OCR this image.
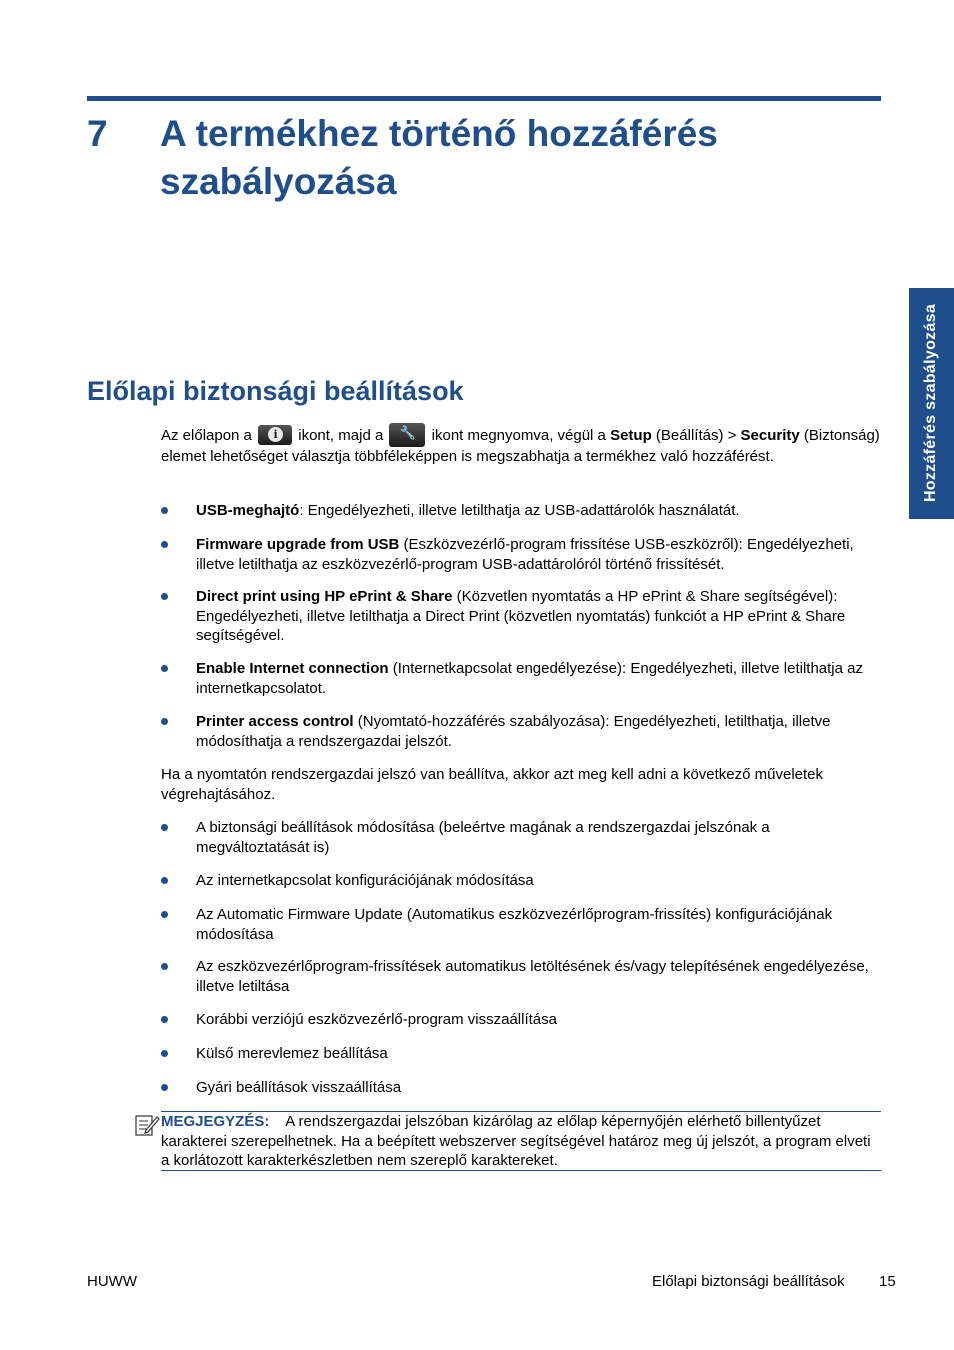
7 A termékhez történő hozzáférés
szabályozása
Hozzáférés szabályozása
Előlapi biztonsági beállítások
Az előlapon a i	ikont, majd a 🔧	ikont megnyomva, végül a Setup (Beállítás) > Security (Biztonság) elemet lehetőséget választja többféleképpen is megszabhatja a termékhez való hozzáférést.
USB-meghajtó: Engedélyezheti, illetve letilthatja az USB-adattárolók használatát.
Firmware upgrade from USB (Eszközvezérlő-program frissítése USB-eszközről): Engedélyezheti, illetve letilthatja az eszközvezérlő-program USB-adattárolóról történő frissítését.
Direct print using HP ePrint & Share (Közvetlen nyomtatás a HP ePrint & Share segítségével): Engedélyezheti, illetve letilthatja a Direct Print (közvetlen nyomtatás) funkciót a HP ePrint & Share segítségével.
Enable Internet connection (Internetkapcsolat engedélyezése): Engedélyezheti, illetve letilthatja az internetkapcsolatot.
Printer access control (Nyomtató-hozzáférés szabályozása): Engedélyezheti, letilthatja, illetve módosíthatja a rendszergazdai jelszót.
Ha a nyomtatón rendszergazdai jelszó van beállítva, akkor azt meg kell adni a következő műveletek végrehajtásához.
A biztonsági beállítások módosítása (beleértve magának a rendszergazdai jelszónak a megváltoztatását is)
Az internetkapcsolat konfigurációjának módosítása
Az Automatic Firmware Update (Automatikus eszközvezérlőprogram-frissítés) konfigurációjának módosítása
Az eszközvezérlőprogram-frissítések automatikus letöltésének és/vagy telepítésének engedélyezése, illetve letiltása
Korábbi verziójú eszközvezérlő-program visszaállítása
Külső merevlemez beállítása
Gyári beállítások visszaállítása
MEGJEGYZÉS: A rendszergazdai jelszóban kizárólag az előlap képernyőjén elérhető billentyűzet karakterei szerepelhetnek. Ha a beépített webszerver segítségével határoz meg új jelszót, a program elveti a korlátozott karakterkészletben nem szereplő karaktereket.
HUWW	Előlapi biztonsági beállítások 15
